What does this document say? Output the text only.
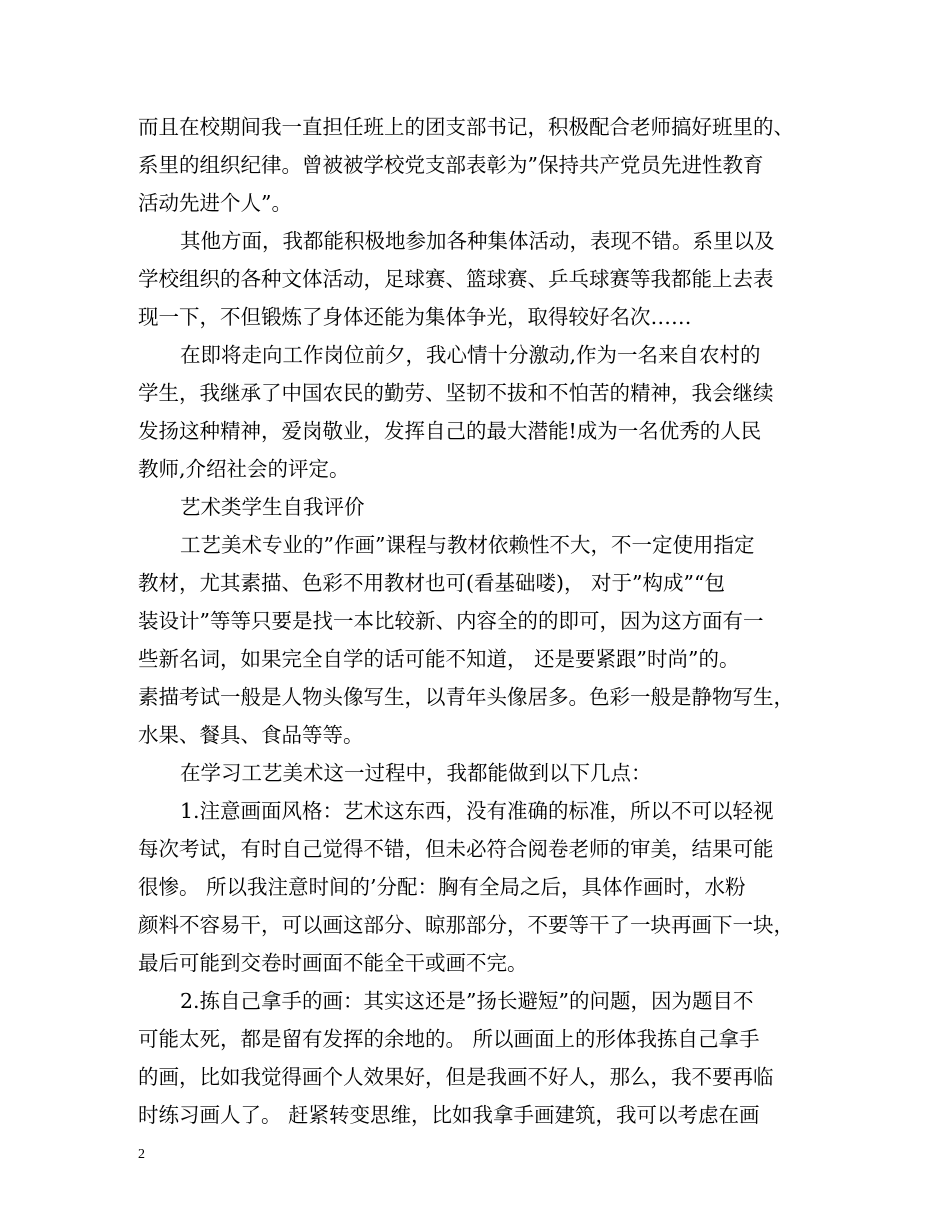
而且在校期间我一直担任班上的团支部书记，积极配合老师搞好班里的、
系里的组织纪律。曾被被学校党支部表彰为”保持共产党员先进性教育
活动先进个人”。
其他方面，我都能积极地参加各种集体活动，表现不错。系里以及
学校组织的各种文体活动，足球赛、篮球赛、乒乓球赛等我都能上去表
现一下，不但锻炼了身体还能为集体争光，取得较好名次……
在即将走向工作岗位前夕，我心情十分激动,作为一名来自农村的
学生，我继承了中国农民的勤劳、坚韧不拔和不怕苦的精神，我会继续
发扬这种精神，爱岗敬业，发挥自己的最大潜能!成为一名优秀的人民
教师,介绍社会的评定。
艺术类学生自我评价
工艺美术专业的”作画”课程与教材依赖性不大，不一定使用指定
教材，尤其素描、色彩不用教材也可(看基础喽)， 对于”构成”“包
装设计”等等只要是找一本比较新、内容全的的即可，因为这方面有一
些新名词，如果完全自学的话可能不知道， 还是要紧跟”时尚”的。
素描考试一般是人物头像写生，以青年头像居多。色彩一般是静物写生，
水果、餐具、食品等等。
在学习工艺美术这一过程中，我都能做到以下几点：
1.注意画面风格：艺术这东西，没有准确的标准，所以不可以轻视
每次考试，有时自己觉得不错，但未必符合阅卷老师的审美，结果可能
很惨。 所以我注意时间的’分配：胸有全局之后，具体作画时，水粉
颜料不容易干，可以画这部分、晾那部分，不要等干了一块再画下一块，
最后可能到交卷时画面不能全干或画不完。
2.拣自己拿手的画：其实这还是”扬长避短”的问题，因为题目不
可能太死，都是留有发挥的余地的。 所以画面上的形体我拣自己拿手
的画，比如我觉得画个人效果好，但是我画不好人，那么，我不要再临
时练习画人了。 赶紧转变思维，比如我拿手画建筑，我可以考虑在画
2
